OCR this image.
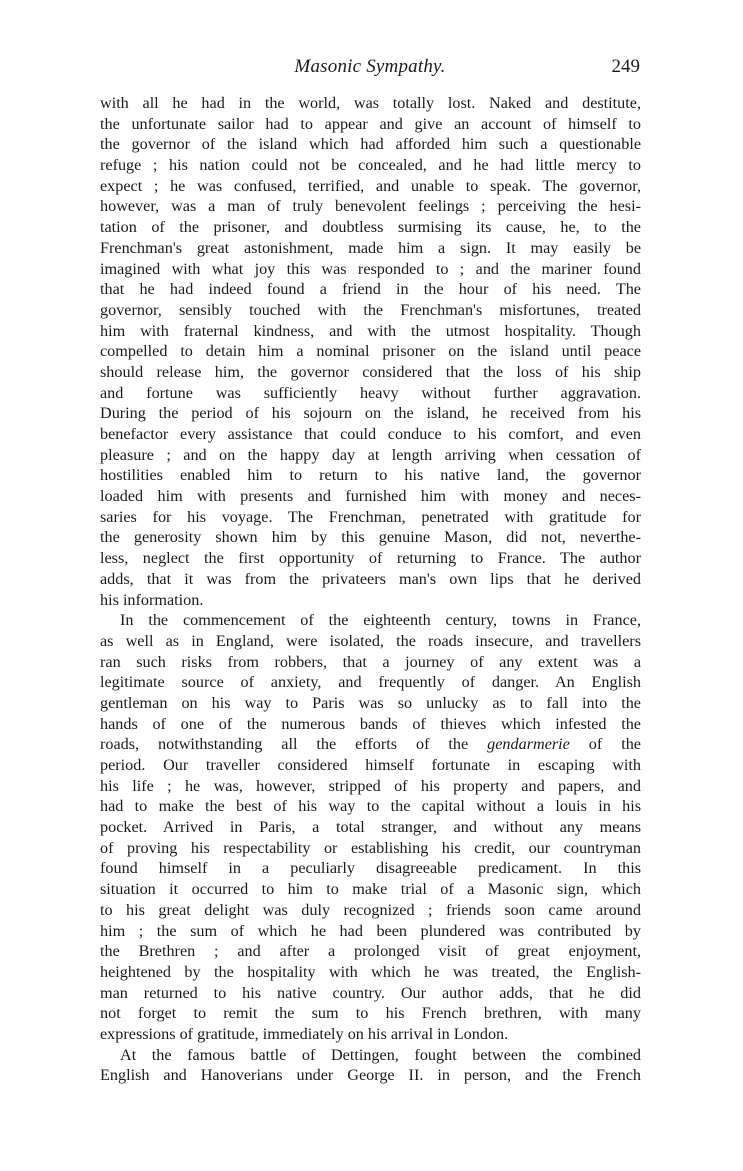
Masonic Sympathy.	249
with all he had in the world, was totally lost. Naked and destitute,
the unfortunate sailor had to appear and give an account of himself to
the governor of the island which had afforded him such a questionable
refuge ; his nation could not be concealed, and he had little mercy to
expect ; he was confused, terrified, and unable to speak. The governor,
however, was a man of truly benevolent feelings ; perceiving the hesi-
tation of the prisoner, and doubtless surmising its cause, he, to the
Frenchman's great astonishment, made him a sign. It may easily be
imagined with what joy this was responded to ; and the mariner found
that he had indeed found a friend in the hour of his need. The
governor, sensibly touched with the Frenchman's misfortunes, treated
him with fraternal kindness, and with the utmost hospitality. Though
compelled to detain him a nominal prisoner on the island until peace
should release him, the governor considered that the loss of his ship
and fortune was sufficiently heavy without further aggravation.
During the period of his sojourn on the island, he received from his
benefactor every assistance that could conduce to his comfort, and even
pleasure ; and on the happy day at length arriving when cessation of
hostilities enabled him to return to his native land, the governor
loaded him with presents and furnished him with money and neces-
saries for his voyage. The Frenchman, penetrated with gratitude for
the generosity shown him by this genuine Mason, did not, neverthe-
less, neglect the first opportunity of returning to France. The author
adds, that it was from the privateers man's own lips that he derived
his information.
In the commencement of the eighteenth century, towns in France,
as well as in England, were isolated, the roads insecure, and travellers
ran such risks from robbers, that a journey of any extent was a
legitimate source of anxiety, and frequently of danger. An English
gentleman on his way to Paris was so unlucky as to fall into the
hands of one of the numerous bands of thieves which infested the
roads, notwithstanding all the efforts of the gendarmerie of the
period. Our traveller considered himself fortunate in escaping with
his life ; he was, however, stripped of his property and papers, and
had to make the best of his way to the capital without a louis in his
pocket. Arrived in Paris, a total stranger, and without any means
of proving his respectability or establishing his credit, our countryman
found himself in a peculiarly disagreeable predicament. In this
situation it occurred to him to make trial of a Masonic sign, which
to his great delight was duly recognized ; friends soon came around
him ; the sum of which he had been plundered was contributed by
the Brethren ; and after a prolonged visit of great enjoyment,
heightened by the hospitality with which he was treated, the English-
man returned to his native country. Our author adds, that he did
not forget to remit the sum to his French brethren, with many
expressions of gratitude, immediately on his arrival in London.
At the famous battle of Dettingen, fought between the combined
English and Hanoverians under George II. in person, and the French
